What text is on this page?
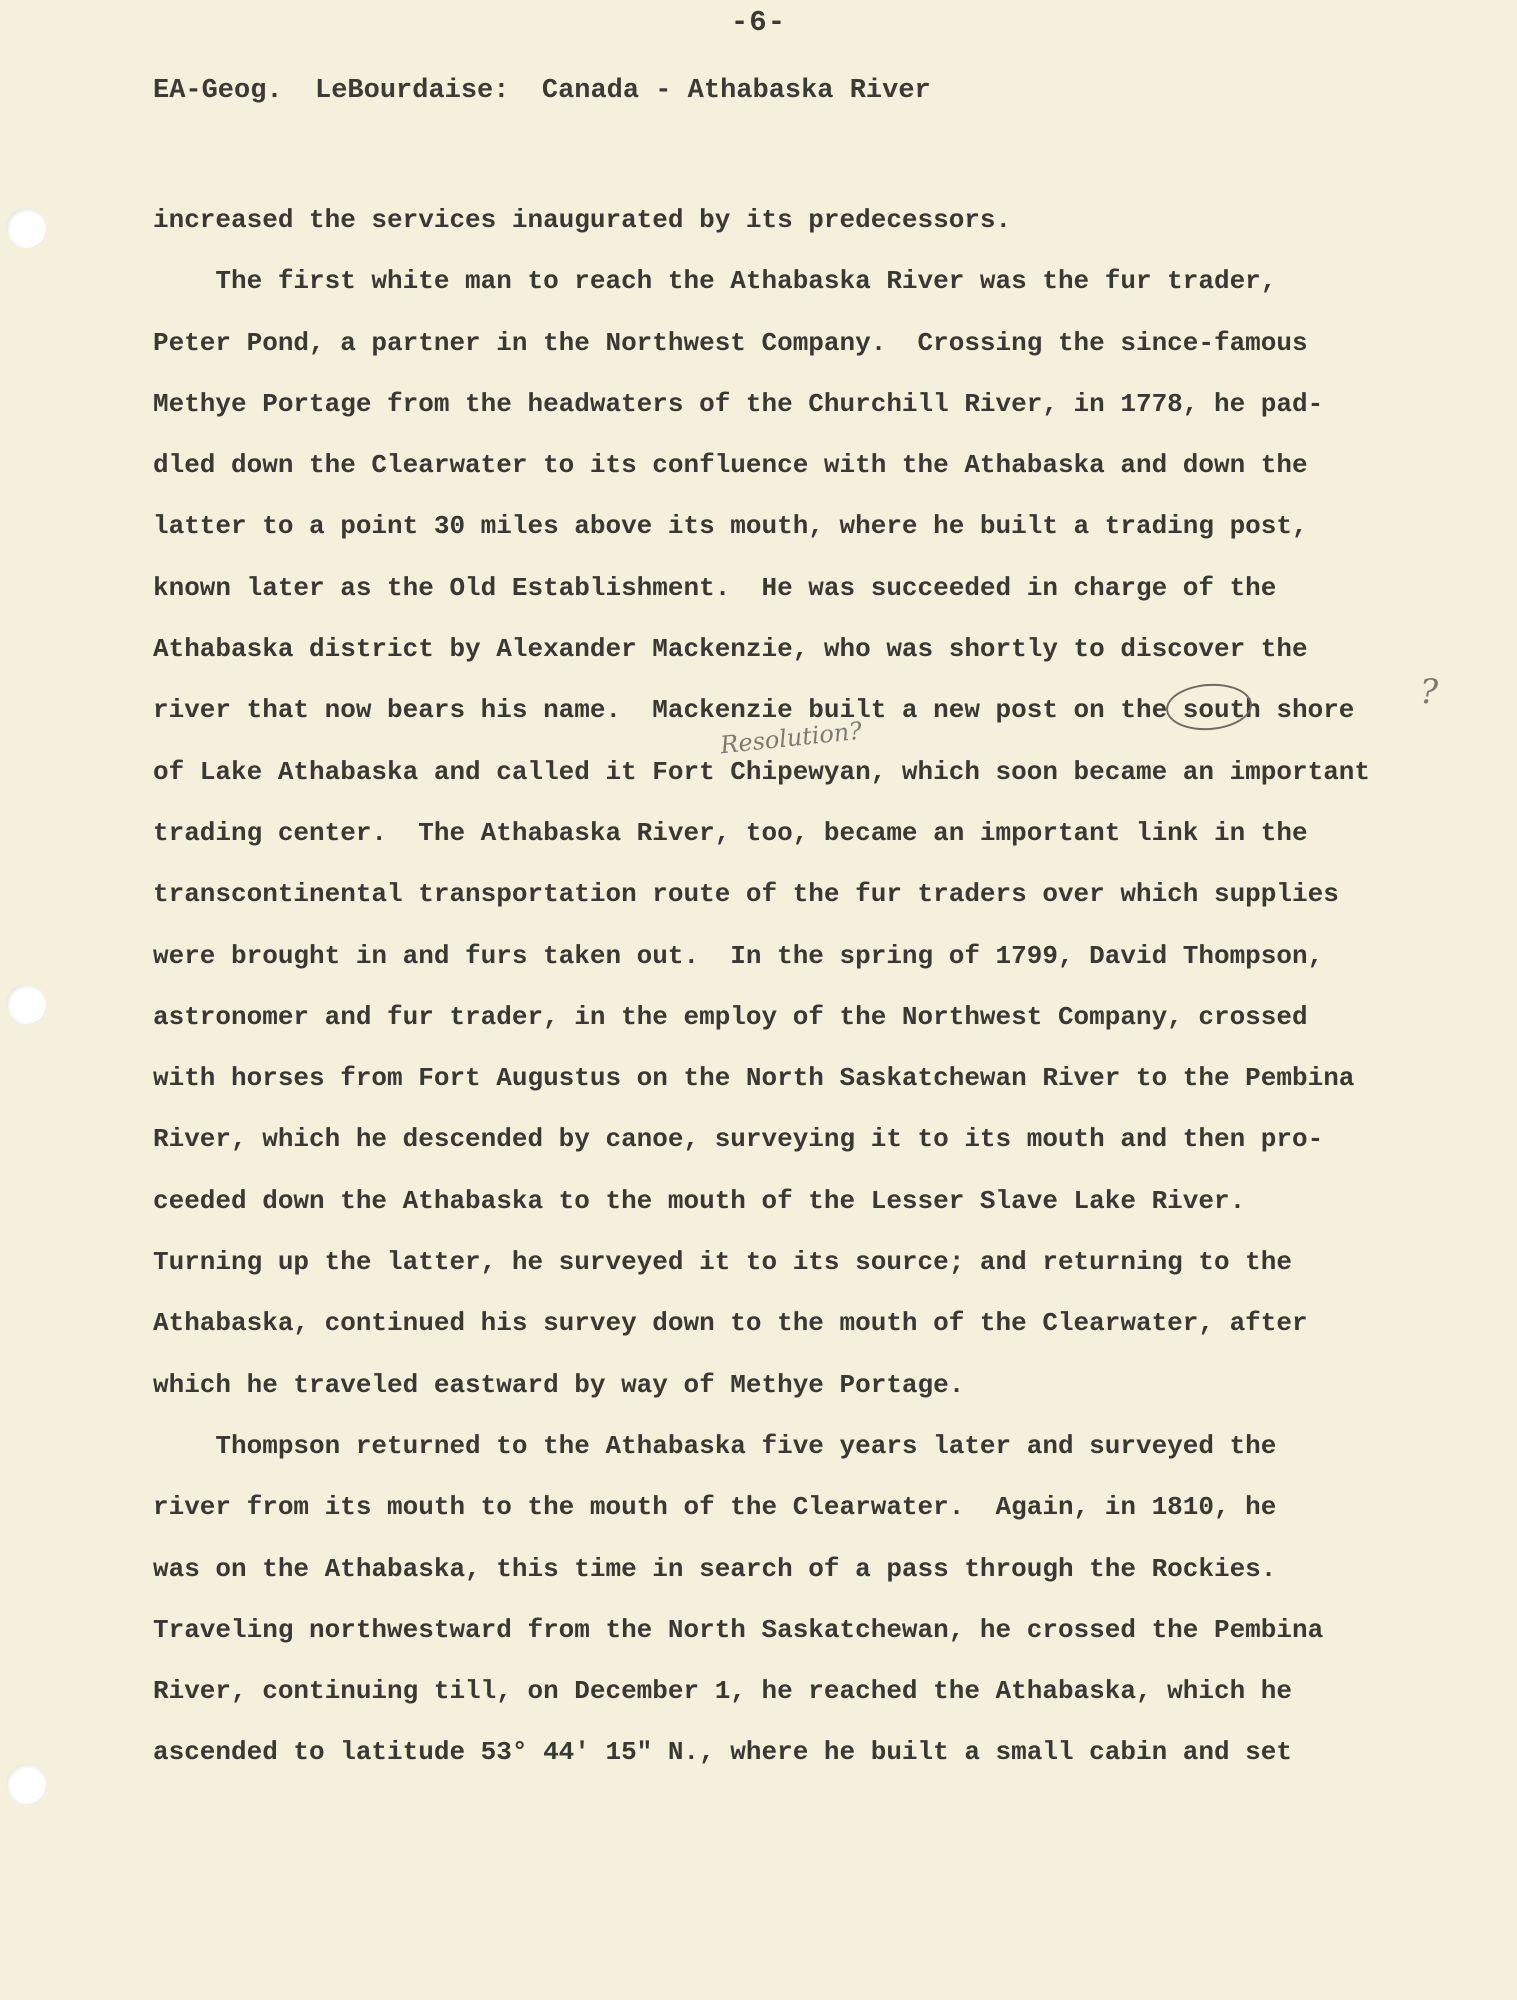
-6-
EA-Geog.  LeBourdaise:  Canada - Athabaska River
increased the services inaugurated by its predecessors.
The first white man to reach the Athabaska River was the fur trader,
Peter Pond, a partner in the Northwest Company.  Crossing the since-famous
Methye Portage from the headwaters of the Churchill River, in 1778, he pad-
dled down the Clearwater to its confluence with the Athabaska and down the
latter to a point 30 miles above its mouth, where he built a trading post,
known later as the Old Establishment.  He was succeeded in charge of the
Athabaska district by Alexander Mackenzie, who was shortly to discover the
river that now bears his name.  Mackenzie built a new post on the south shore
of Lake Athabaska and called it Fort Chipewyan, which soon became an important
trading center.  The Athabaska River, too, became an important link in the
transcontinental transportation route of the fur traders over which supplies
were brought in and furs taken out.  In the spring of 1799, David Thompson,
astronomer and fur trader, in the employ of the Northwest Company, crossed
with horses from Fort Augustus on the North Saskatchewan River to the Pembina
River, which he descended by canoe, surveying it to its mouth and then pro-
ceeded down the Athabaska to the mouth of the Lesser Slave Lake River.
Turning up the latter, he surveyed it to its source; and returning to the
Athabaska, continued his survey down to the mouth of the Clearwater, after
which he traveled eastward by way of Methye Portage.
Thompson returned to the Athabaska five years later and surveyed the
river from its mouth to the mouth of the Clearwater.  Again, in 1810, he
was on the Athabaska, this time in search of a pass through the Rockies.
Traveling northwestward from the North Saskatchewan, he crossed the Pembina
River, continuing till, on December 1, he reached the Athabaska, which he
ascended to latitude 53° 44' 15" N., where he built a small cabin and set
Resolution?
?
